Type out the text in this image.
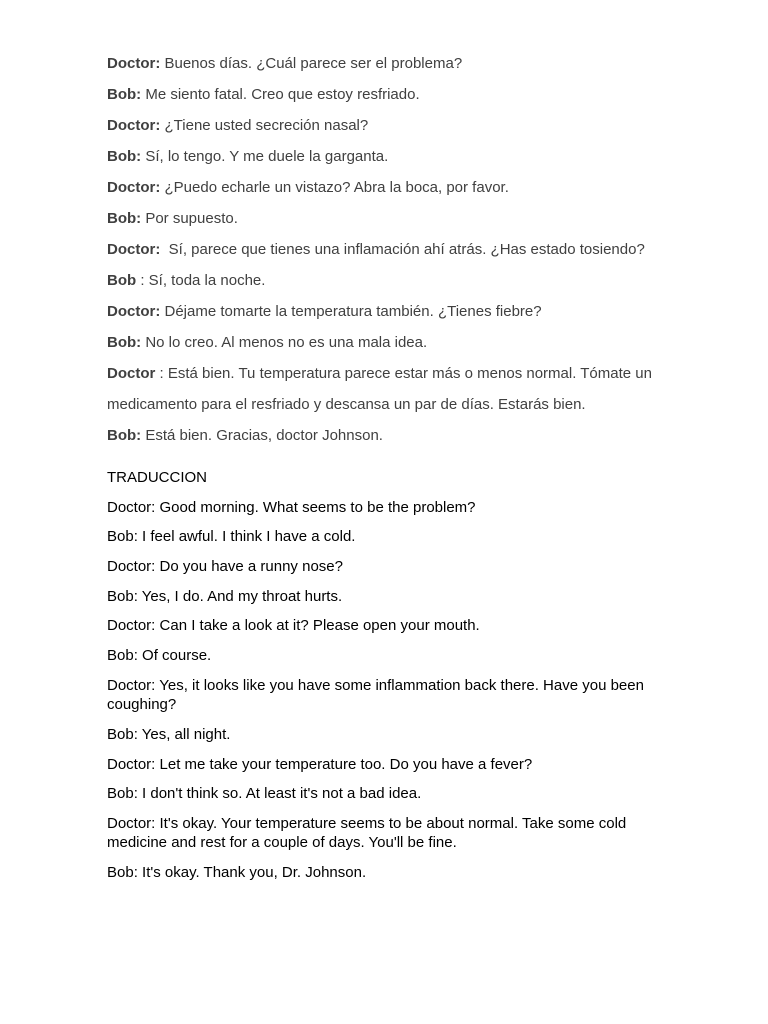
Doctor: Buenos días. ¿Cuál parece ser el problema?
Bob: Me siento fatal. Creo que estoy resfriado.
Doctor: ¿Tiene usted secreción nasal?
Bob: Sí, lo tengo. Y me duele la garganta.
Doctor: ¿Puedo echarle un vistazo? Abra la boca, por favor.
Bob: Por supuesto.
Doctor:  Sí, parece que tienes una inflamación ahí atrás. ¿Has estado tosiendo?
Bob : Sí, toda la noche.
Doctor: Déjame tomarte la temperatura también. ¿Tienes fiebre?
Bob: No lo creo. Al menos no es una mala idea.
Doctor : Está bien. Tu temperatura parece estar más o menos normal. Tómate un medicamento para el resfriado y descansa un par de días. Estarás bien.
Bob: Está bien. Gracias, doctor Johnson.
TRADUCCION
Doctor: Good morning. What seems to be the problem?
Bob: I feel awful. I think I have a cold.
Doctor: Do you have a runny nose?
Bob: Yes, I do. And my throat hurts.
Doctor: Can I take a look at it? Please open your mouth.
Bob: Of course.
Doctor: Yes, it looks like you have some inflammation back there. Have you been coughing?
Bob: Yes, all night.
Doctor: Let me take your temperature too. Do you have a fever?
Bob: I don't think so. At least it's not a bad idea.
Doctor: It's okay. Your temperature seems to be about normal. Take some cold medicine and rest for a couple of days. You'll be fine.
Bob: It's okay. Thank you, Dr. Johnson.
